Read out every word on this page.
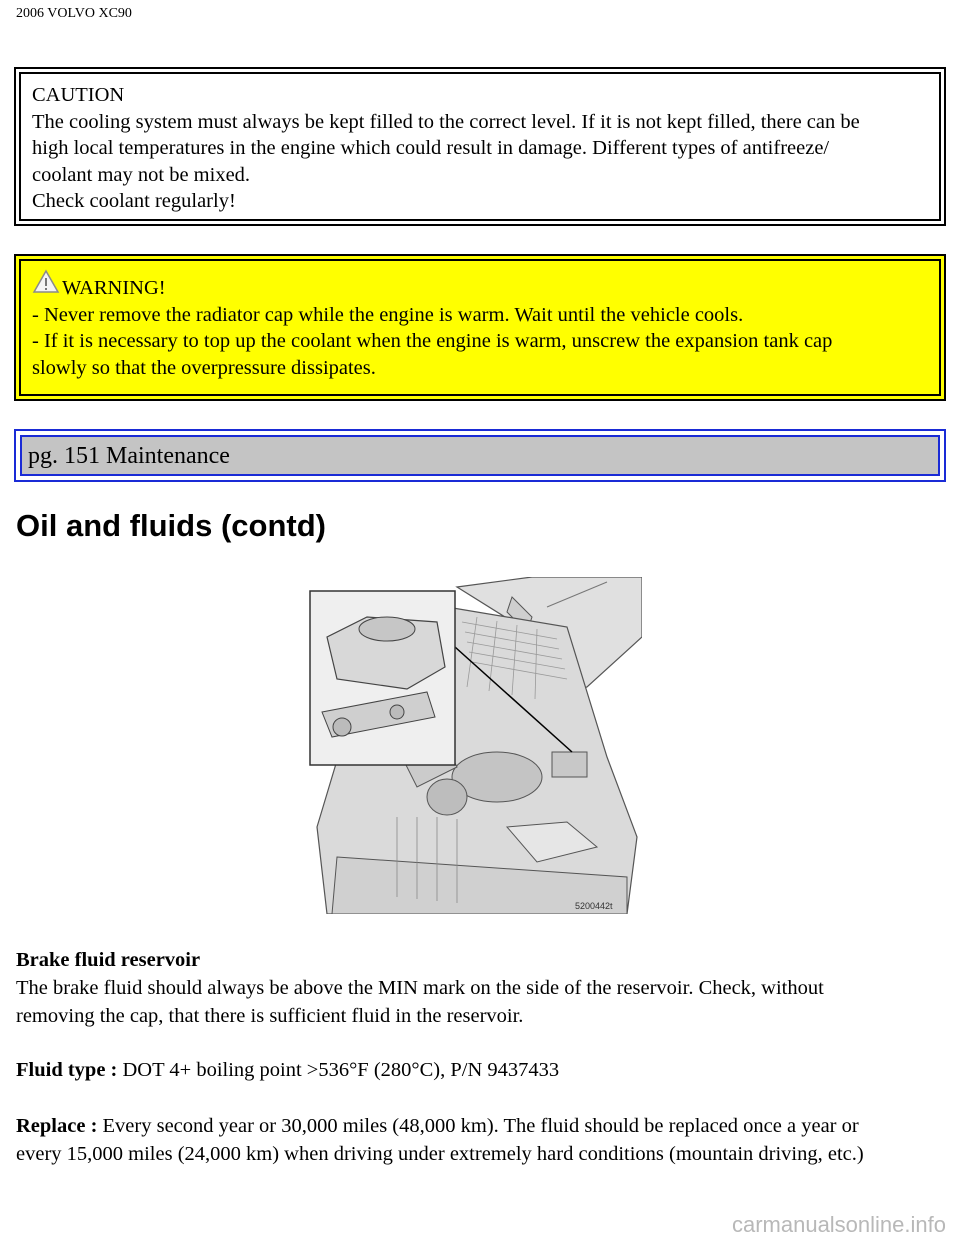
2006 VOLVO XC90
CAUTION
The cooling system must always be kept filled to the correct level. If it is not kept filled, there can be
high local temperatures in the engine which could result in damage. Different types of antifreeze/
coolant may not be mixed.
Check coolant regularly!
WARNING!
- Never remove the radiator cap while the engine is warm. Wait until the vehicle cools.
- If it is necessary to top up the coolant when the engine is warm, unscrew the expansion tank cap
slowly so that the overpressure dissipates.
pg. 151 Maintenance
Oil and fluids (contd)
5200442t
Brake fluid reservoir
The brake fluid should always be above the MIN mark on the side of the reservoir. Check, without
removing the cap, that there is sufficient fluid in the reservoir.
Fluid type : DOT 4+ boiling point >536°F (280°C), P/N 9437433
Replace : Every second year or 30,000 miles (48,000 km). The fluid should be replaced once a year or
every 15,000 miles (24,000 km) when driving under extremely hard conditions (mountain driving, etc.)
carmanualsonline.info
